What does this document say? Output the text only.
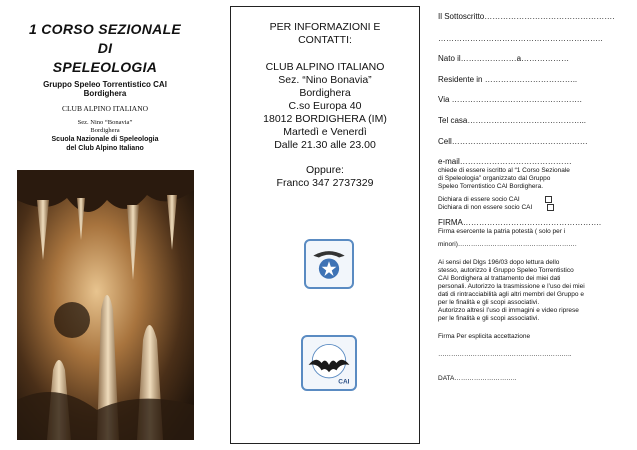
1 CORSO SEZIONALE
DI
SPELEOLOGIA
Gruppo Speleo Torrentistico CAI
Bordighera
CLUB ALPINO ITALIANO
Sez. Nino “Bonavia”
Bordighera
Scuola Nazionale di Speleologia
del Club Alpino Italiano
PER INFORMAZIONI E
CONTATTI:
CLUB ALPINO ITALIANO
Sez. “Nino Bonavia”
Bordighera
C.so Europa 40
18012 BORDIGHERA (IM)
Martedì e Venerdì
Dalle 21.30 alle 23.00
Oppure:
Franco 347 2737329
CAI
Il Sottoscritto………………………………………….
……………………………………………………..
Nato il…………………a………………
Residente in ……………………………..
Via ………………………………………….
Tel casa……………………………………...
Cell……………………………………………
e-mail……………………………………
chiede di essere iscritto al “1 Corso Sezionale
di Speleologia” organizzato dal Gruppo
Speleo Torrentistico CAI Bordighera.
Dichiara di essere socio CAI
Dichiara di non essere socio CAI
FIRMA…………………………………………….
Firma esercente la patria potestà ( solo per i
minori)……………………………………………….
Ai sensi del Dlgs 196/03 dopo lettura dello
stesso, autorizzo il Gruppo Speleo Torrentistico
CAI Bordighera al trattamento dei miei dati
personali. Autorizzo la trasmissione e l’uso dei miei
dati di rintracciabilità agli altri membri del Gruppo e
per le finalità e gli scopi associativi.
Autorizzo altresì l’uso di immagini e video riprese
per le finalità e gli scopi associativi.
Firma Per esplicita accettazione
……………………………………………………..
DATA………………………..
